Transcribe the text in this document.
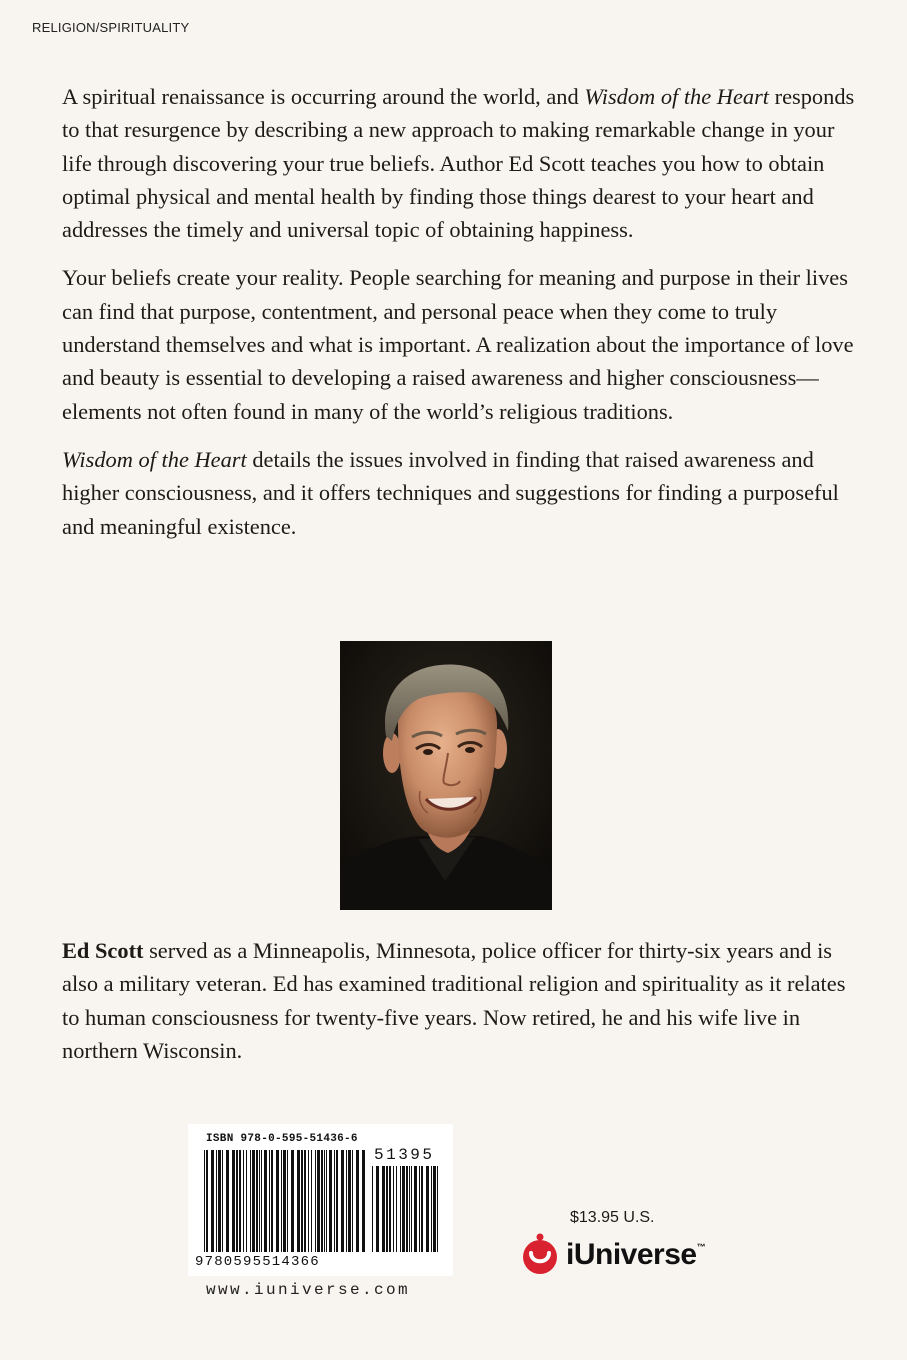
RELIGION/SPIRITUALITY

A spiritual renaissance is occurring around the world, and Wisdom of the Heart responds to that resurgence by describing a new approach to making remarkable change in your life through discovering your true beliefs. Author Ed Scott teaches you how to obtain optimal physical and mental health by finding those things dearest to your heart and addresses the timely and universal topic of obtaining happiness.

Your beliefs create your reality. People searching for meaning and purpose in their lives can find that purpose, contentment, and personal peace when they come to truly understand themselves and what is important. A realization about the importance of love and beauty is essential to developing a raised awareness and higher consciousness—elements not often found in many of the world’s religious traditions.

Wisdom of the Heart details the issues involved in finding that raised awareness and higher consciousness, and it offers techniques and suggestions for finding a purposeful and meaningful existence.

Ed Scott served as a Minneapolis, Minnesota, police officer for thirty-six years and is also a military veteran. Ed has examined traditional religion and spirituality as it relates to human consciousness for twenty-five years. Now retired, he and his wife live in northern Wisconsin.

ISBN 978-0-595-51436-6
51395
9780595514366
www.iuniverse.com
$13.95 U.S.
iUniverse™
